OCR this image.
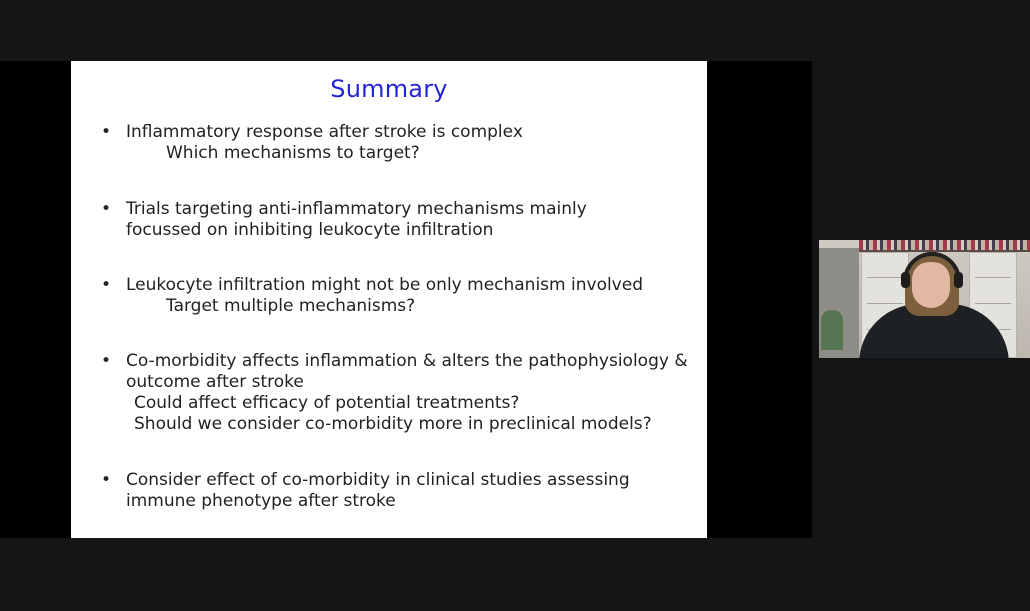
Summary
• Inflammatory response after stroke is complex
Which mechanisms to target?
• Trials targeting anti-inflammatory mechanisms mainly
focussed on inhibiting leukocyte infiltration
• Leukocyte infiltration might not be only mechanism involved
Target multiple mechanisms?
• Co-morbidity affects inflammation & alters the pathophysiology &
outcome after stroke
Could affect efficacy of potential treatments?
Should we consider co-morbidity more in preclinical models?
• Consider effect of co-morbidity in clinical studies assessing
immune phenotype after stroke
